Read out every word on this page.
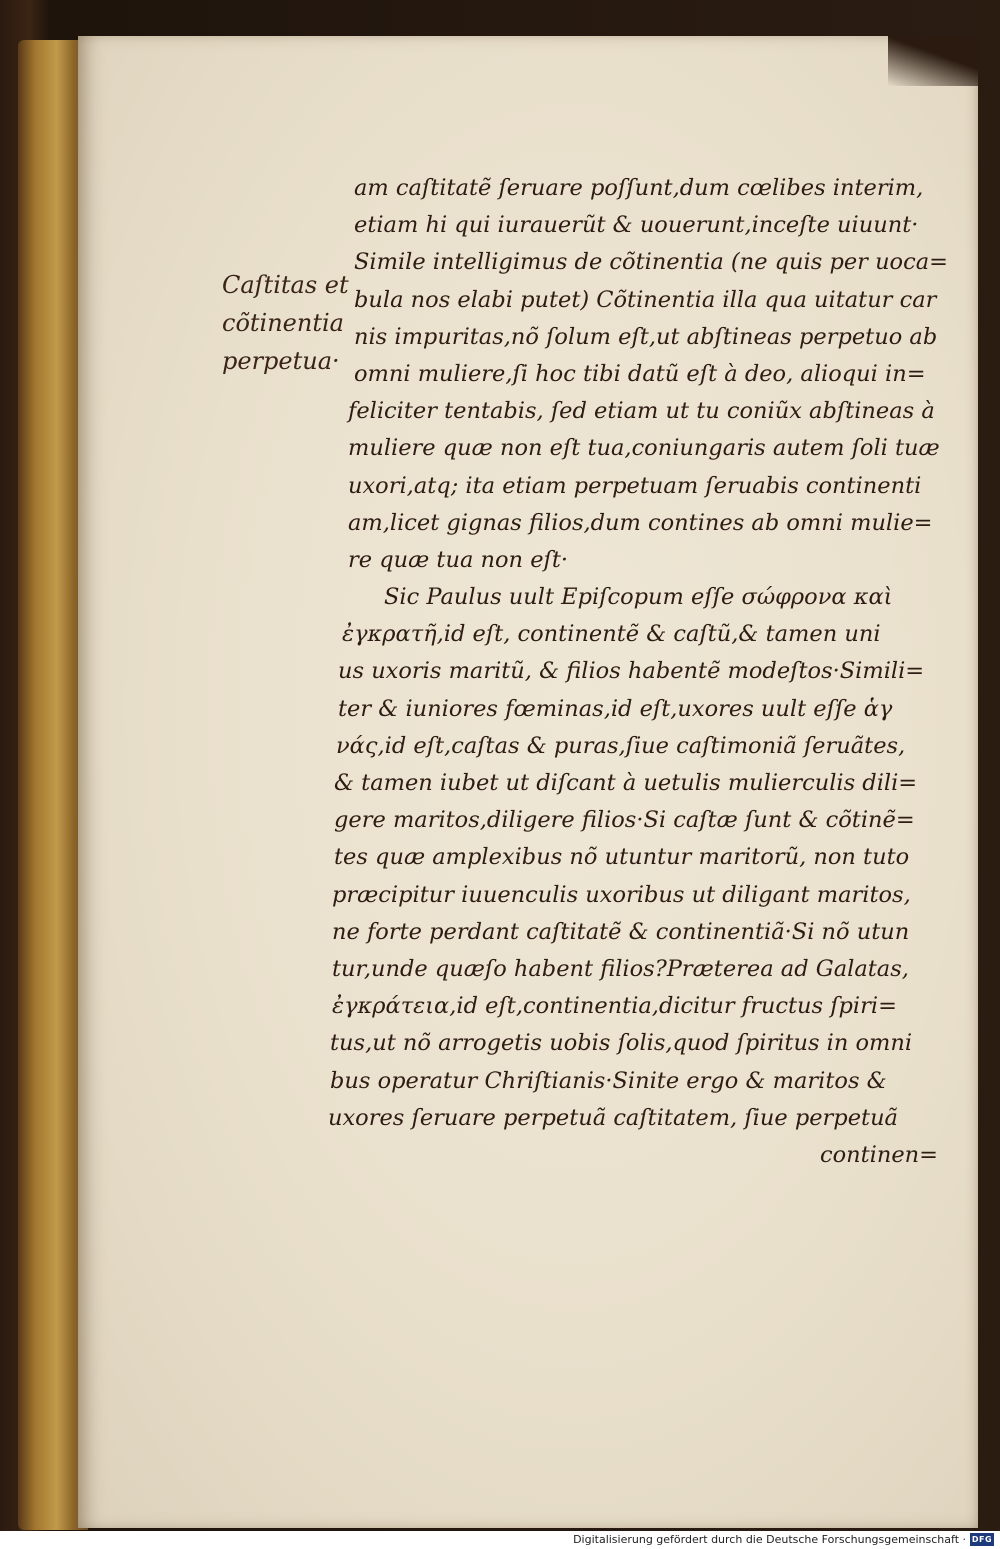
Caſtitas et
cõtinentia
perpetua·
am caſtitatẽ ſeruare poſſunt,dum cœlibes interim,
etiam hi qui iurauerũt & uouerunt,inceſte uiuunt·
Simile intelligimus de cõtinentia (ne quis per uoca=
bula nos elabi putet) Cõtinentia illa qua uitatur car
nis impuritas,nõ ſolum eſt,ut abſtineas perpetuo ab
omni muliere,ſi hoc tibi datũ eſt à deo, alioqui in=
feliciter tentabis, ſed etiam ut tu coniũx abſtineas à
muliere quæ non eſt tua,coniungaris autem ſoli tuæ
uxori,atq; ita etiam perpetuam ſeruabis continenti
am,licet gignas filios,dum contines ab omni mulie=
re quæ tua non eſt·
Sic Paulus uult Epiſcopum eſſe σώφρονα καὶ
ἐγκρατῆ,id eſt, continentẽ & caſtũ,& tamen uni
us uxoris maritũ, & filios habentẽ modeſtos·Simili=
ter & iuniores fœminas,id eſt,uxores uult eſſe ἁγ
νάς,id eſt,caſtas & puras,ſiue caſtimoniã ſeruãtes,
& tamen iubet ut diſcant à uetulis mulierculis dili=
gere maritos,diligere filios·Si caſtæ ſunt & cõtinẽ=
tes quæ amplexibus nõ utuntur maritorũ, non tuto
præcipitur iuuenculis uxoribus ut diligant maritos,
ne forte perdant caſtitatẽ & continentiã·Si nõ utun
tur,unde quæſo habent filios?Præterea ad Galatas,
ἐγκράτεια,id eſt,continentia,dicitur fructus ſpiri=
tus,ut nõ arrogetis uobis ſolis,quod ſpiritus in omni
bus operatur Chriſtianis·Sinite ergo & maritos &
uxores ſeruare perpetuã caſtitatem, ſiue perpetuã
continen=
Digitalisierung gefördert durch die Deutsche Forschungsgemeinschaft · DFG
